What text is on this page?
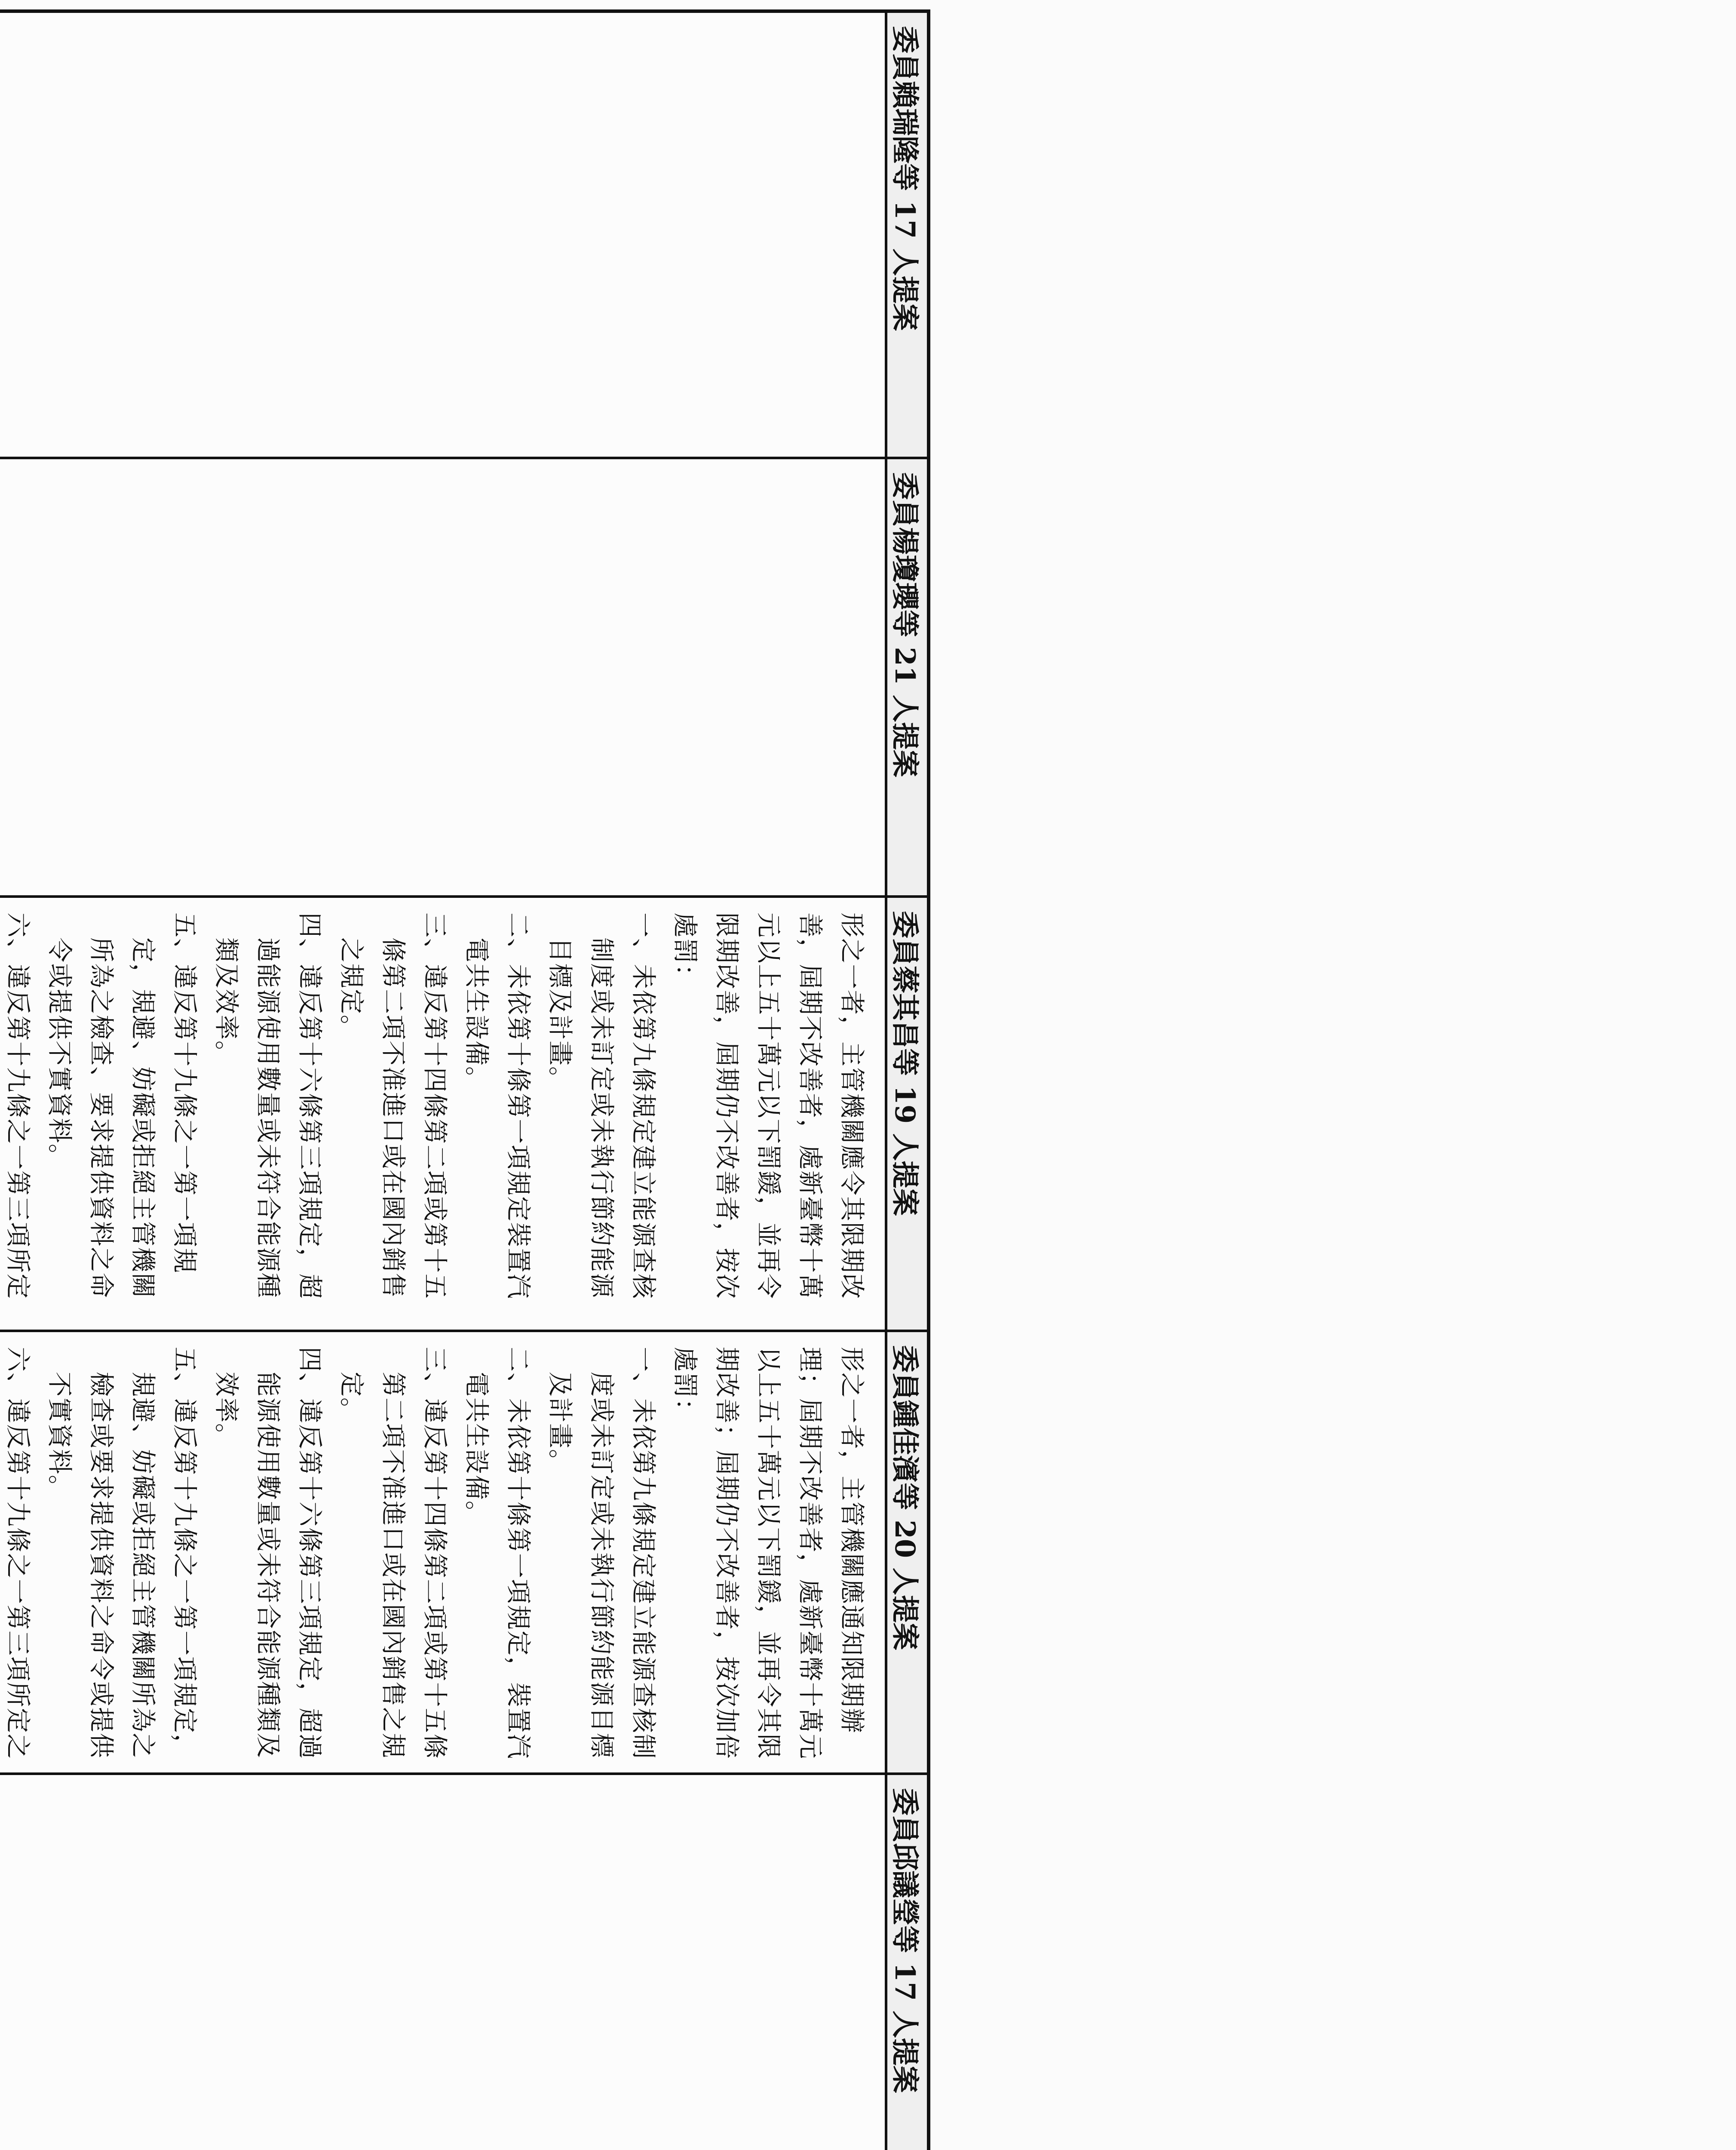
委員賴瑞隆等 17 人提案
委員楊瓊瓔等 21 人提案
委員蔡其昌等 19 人提案
委員鍾佳濱等 20 人提案
委員邱議瑩等 17 人提案

形之一者，主管機關應令其限期改善，屆期不改善者，處新臺幣十萬元以上五十萬元以下罰鍰，並再令限期改善，屆期仍不改善者，按次處罰：

一、未依第九條規定建立能源查核制度或未訂定或未執行節約能源目標及計畫。

二、未依第十條第一項規定裝置汽電共生設備。

三、違反第十四條第二項或第十五條第二項不准進口或在國內銷售之規定。

四、違反第十六條第三項規定，超過能源使用數量或未符合能源種類及效率。

五、違反第十九條之一第一項規定，規避、妨礙或拒絕主管機關所為之檢查、要求提供資料之命令或提供不實資料。

六、違反第十九條之一第三項所定

形之一者，主管機關應通知限期辦理；屆期不改善者，處新臺幣十萬元以上五十萬元以下罰鍰，並再令其限期改善；屆期仍不改善者，按次加倍處罰：

一、未依第九條規定建立能源查核制度或未訂定或未執行節約能源目標及計畫。

二、未依第十條第一項規定，裝置汽電共生設備。

三、違反第十四條第二項或第十五條第二項不准進口或在國內銷售之規定。

四、違反第十六條第三項規定，超過能源使用數量或未符合能源種類及效率。

五、違反第十九條之一第一項規定，規避、妨礙或拒絕主管機關所為之檢查或要求提供資料之命令或提供不實資料。

六、違反第十九條之一第三項所定之
